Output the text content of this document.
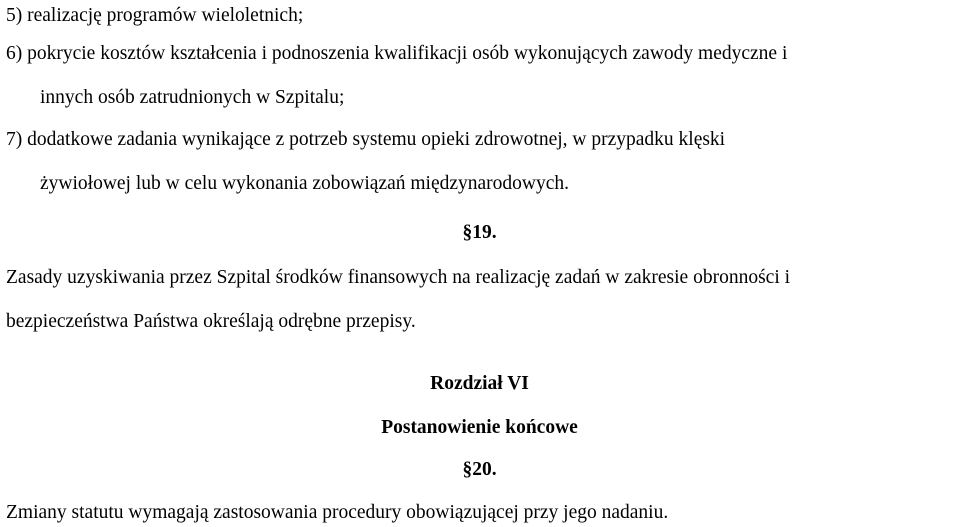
5) realizację programów wieloletnich;
6) pokrycie kosztów kształcenia i podnoszenia kwalifikacji osób wykonujących zawody medyczne i
innych osób zatrudnionych w Szpitalu;
7) dodatkowe zadania wynikające z potrzeb systemu opieki zdrowotnej, w przypadku klęski
żywiołowej lub w celu wykonania zobowiązań międzynarodowych.
§19.
Zasady uzyskiwania przez Szpital środków finansowych na realizację zadań w zakresie obronności i
bezpieczeństwa Państwa określają odrębne przepisy.
Rozdział VI
Postanowienie końcowe
§20.
Zmiany statutu wymagają zastosowania procedury obowiązującej przy jego nadaniu.
